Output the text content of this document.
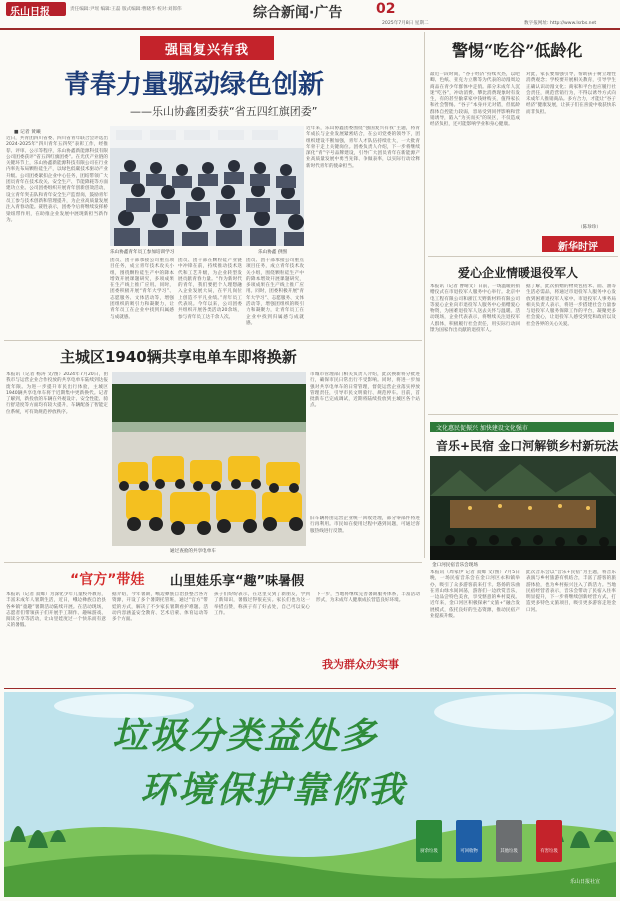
乐山日报	责任编辑:尹瑶 编辑:王磊 版式编辑:曹晓华 校对:刘郎伟	综合新闻·广告 02
2025年7月8日 星期二	数字报网址: http://www.lsrbs.net
强国复兴有我
青春力量驱动绿色创新
——乐山协鑫团委获“省五四红旗团委”
■ 记者 黄曦
近日，共青团四川省委、四川省青年联合会评选出2024-2025年“四川青年五四奖”表彰工作，经推荐、评审、公示等程序，乐山协鑫新能源科技有限公司团委获评“省五四红旗团委”。在光伏产业链的关键环节上，乐山协鑫新能源科技有限公司在行业内率先布局颗粒硅生产，以绿色低碳技术驱动产业升级。公司团委紧扣企业中心任务，团结带领广大团员青年在技术攻关、安全生产、节能降耗等方面建功立业。公司团委组织开展青年创新创效活动，设立青年突击队和青年安全生产监督岗，鼓励青年员工参与技术创新和管理提升，为企业高质量发展注入青春动能。聂胜表示，团委今后将继续发挥桥梁纽带作用，在助推企业发展中展现新担当新作为。
乐山协鑫青年员工参加培训学习	乐山协鑫 供图
团员、团干部承接公司重点项目任务，成立青年技术攻关小组，围绕颗粒硅生产中的降本增效开展课题研究，多项成果在生产线上推广应用。同时，团委积极开展“青年大学习”、志愿服务、文体活动等，增强团组织的吸引力和凝聚力，让青年员工在企业中找到归属感与成就感。
团员、团干部在颗粒硅产业链中冲锋在前，持续推动技术迭代和工艺升级，为企业转型发展贡献青春力量。“作为新时代的青年，我们要把个人理想融入企业发展大局，在平凡岗位上创造不平凡业绩。”青年员工代表说。今年以来，公司团委共组织开展各类活动20余场，参与青年员工达千余人次。
近年来，乐山协鑫团委围绕“强国复兴有我”主题，将青年成长与企业发展紧密结合，在公司党委的领导下，团组织建设不断加强，青年人才队伍持续壮大，一大批青年骨干走上关键岗位。团委负责人介绍，下一步将继续深化“青”字号品牌建设，引导广大团员青年在新能源产业高质量发展中勇当先锋、争做表率，以实际行动诠释新时代青年的使命担当。
团员、团干部承接公司重点项目任务，成立青年技术攻关小组，围绕颗粒硅生产中的降本增效开展课题研究，多项成果在生产线上推广应用。同时，团委积极开展“青年大学习”、志愿服务、文体活动等，增强团组织的吸引力和凝聚力，让青年员工在企业中找到归属感与成就感。
警惕“吃谷”低龄化
最近一段时间，“谷子经济”持续火热，以吧唧、色纸、亚克力立牌等为代表的动漫周边商品在青少年群体中走俏。部分未成年人沉迷“吃谷”，冲动消费、攀比消费现象时有发生，有的甚至偷拿家中钱财购买，值得家长和社会警惕。“谷子”本身并无对错，但低龄群体自控能力较弱，容易受到同伴影响和营销诱导，陷入“为买而买”的误区，不仅造成经济负担，还可能影响学业和身心健康。
对此，家长要加强引导，帮助孩子树立理性消费观念；学校要开展相关教育，引导学生正确认识动漫文化；商家和平台也应履行社会责任，规范营销行为，不得以诱导方式向未成年人推销商品。多方合力，才能让“谷子经济”健康发展，让孩子们在喜爱中收获快乐而非负担。
（陈珍珍）
新华时评
爱心企业情暖退役军人
本报讯（记者 曹晴文）日前，一场温暖的捐赠仪式在市退役军人服务中心举行。北京中电工程有限公司和浙江天野新材料有限公司等爱心企业向市退役军人服务中心捐赠爱心物资，为困难退役军人送去关怀与温暖。活动现场，企业代表表示，将继续关注退役军人群体，积极履行社会责任，用实际行动回馈为国家作出贡献的退役军人。
据了解，此次捐赠的物资包括米、面、油等生活必需品，将通过市退役军人服务中心发放到困难退役军人家中。市退役军人事务局相关负责人表示，将进一步搭建社会力量参与退役军人服务保障工作的平台，凝聚更多社会爱心，让退役军人感受到党和政府以及社会各界的关心关爱。
文化惠民促振兴 加快建设文化强市
音乐+民宿 金口河解锁乡村新玩法
金口河民宿音乐会现场
本报讯（周家伊 记者 叔爆 文/图）7月5日晚，一场民宿音乐会在金口河区永和镇举办，吸引了众多游客前来打卡。悠扬的乐曲在青山绿水间回荡，游客们一边欣赏音乐，一边品尝特色美食，享受惬意的乡村夏夜。近年来，金口河区积极探索“文旅+”融合发展模式，依托良好的生态资源，推动民宿产业提质升级。
此次音乐会以“音乐+民宿”为主题，将音乐表演与乡村旅游有机结合，丰富了游客的旅游体验，也为乡村振兴注入了新活力。当地民宿经营者表示，音乐会带动了民宿入住率明显提升，下一步将继续创新经营方式，打造更多特色文旅项目，吸引更多游客走进金口河。
主城区1940辆共享电单车即将换新
本报讯（记者 杨涛 文/图）2024年7月20日，由我市与运营企业合作投放的共享电单车陆续到达报废年限。为进一步提升市民出行体验，主城区1940辆共享电单车将于近期集中更新换代。记者了解到，新投放的车辆在外观设计、安全性能、骑行舒适度等方面均有较大提升，车辆配备了智能定位系统，可有效规范停放秩序。
通过查验的共享电单车
市城市管理部门相关负责人介绍，此次换新将分批进行，确保市民日常出行不受影响。同时，将进一步加强对共享电单车的日常管理，督促运营企业落实停放管理责任，引导市民文明骑行、规范停车。目前，首批新车已完成调试，近期将陆续投放到主城区各个站点。
旧车辆将由运营企业统一回收处理，部分零部件将进行再利用。市民如在使用过程中遇到问题，可通过客服热线进行反馈。
“官方”带娃 山里娃乐享“趣”味暑假
本报讯（记者 叔爆）为深化少年儿童校外教育，丰富未成年人暑期生活，近日，峨边彝族自治县各乡镇“童趣”暑期活动陆续开展。在活动现场，志愿者们带领孩子们开展手工制作、趣味游戏、阅读分享等活动，让山里娃度过一个快乐而有意义的暑假。
据介绍，今年暑期，峨边彝族自治县整合各方资源，开设了多个暑期托管班，通过“官方”带娃的方式，解决了不少家长暑期看护难题。活动内容涵盖安全教育、艺术启蒙、体育运动等多个方面。
孩子们纷纷表示，在这里交到了新朋友，学到了新知识，暑假过得很充实。家长们也为这一举措点赞，称孩子有了好去处，自己可以安心工作。
下一步，当地将继续完善暑期服务体系，丰富活动形式，为未成年人健康成长营造良好环境。
我为群众办实事
垃圾分类益处多
环境保护靠你我
厨余垃圾	可回收物	其他垃圾	有害垃圾
乐山日报社宣
